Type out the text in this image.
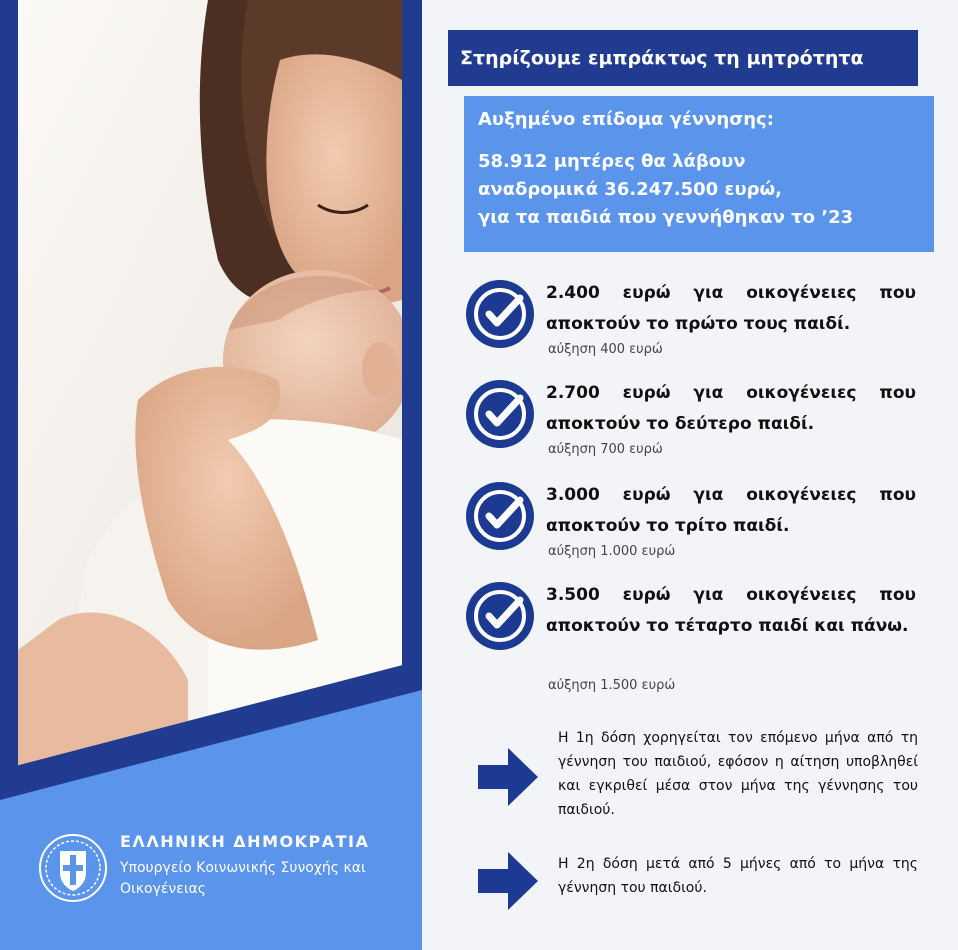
ΕΛΛΗΝΙΚΗ ΔΗΜΟΚΡΑΤΙΑ
Υπουργείο Κοινωνικής Συνοχής και Οικογένειας
Στηρίζουμε εμπράκτως τη μητρότητα
Αυξημένο επίδομα γέννησης:
58.912 μητέρες θα λάβουν
αναδρομικά 36.247.500 ευρώ,
για τα παιδιά που γεννήθηκαν το ’23
2.400 ευρώ για οικογένειες που αποκτούν το πρώτο τους παιδί.
αύξηση 400 ευρώ
2.700 ευρώ για οικογένειες που αποκτούν το δεύτερο παιδί.
αύξηση 700 ευρώ
3.000 ευρώ για οικογένειες που αποκτούν το τρίτο παιδί.
αύξηση 1.000 ευρώ
3.500 ευρώ για οικογένειες που αποκτούν το τέταρτο παιδί και πάνω.
αύξηση 1.500 ευρώ
Η 1η δόση χορηγείται τον επόμενο μήνα από τη γέννηση του παιδιού, εφόσον η αίτηση υποβληθεί και εγκριθεί μέσα στον μήνα της γέννησης του παιδιού.
Η 2η δόση μετά από 5 μήνες από το μήνα της γέννηση του παιδιού.
